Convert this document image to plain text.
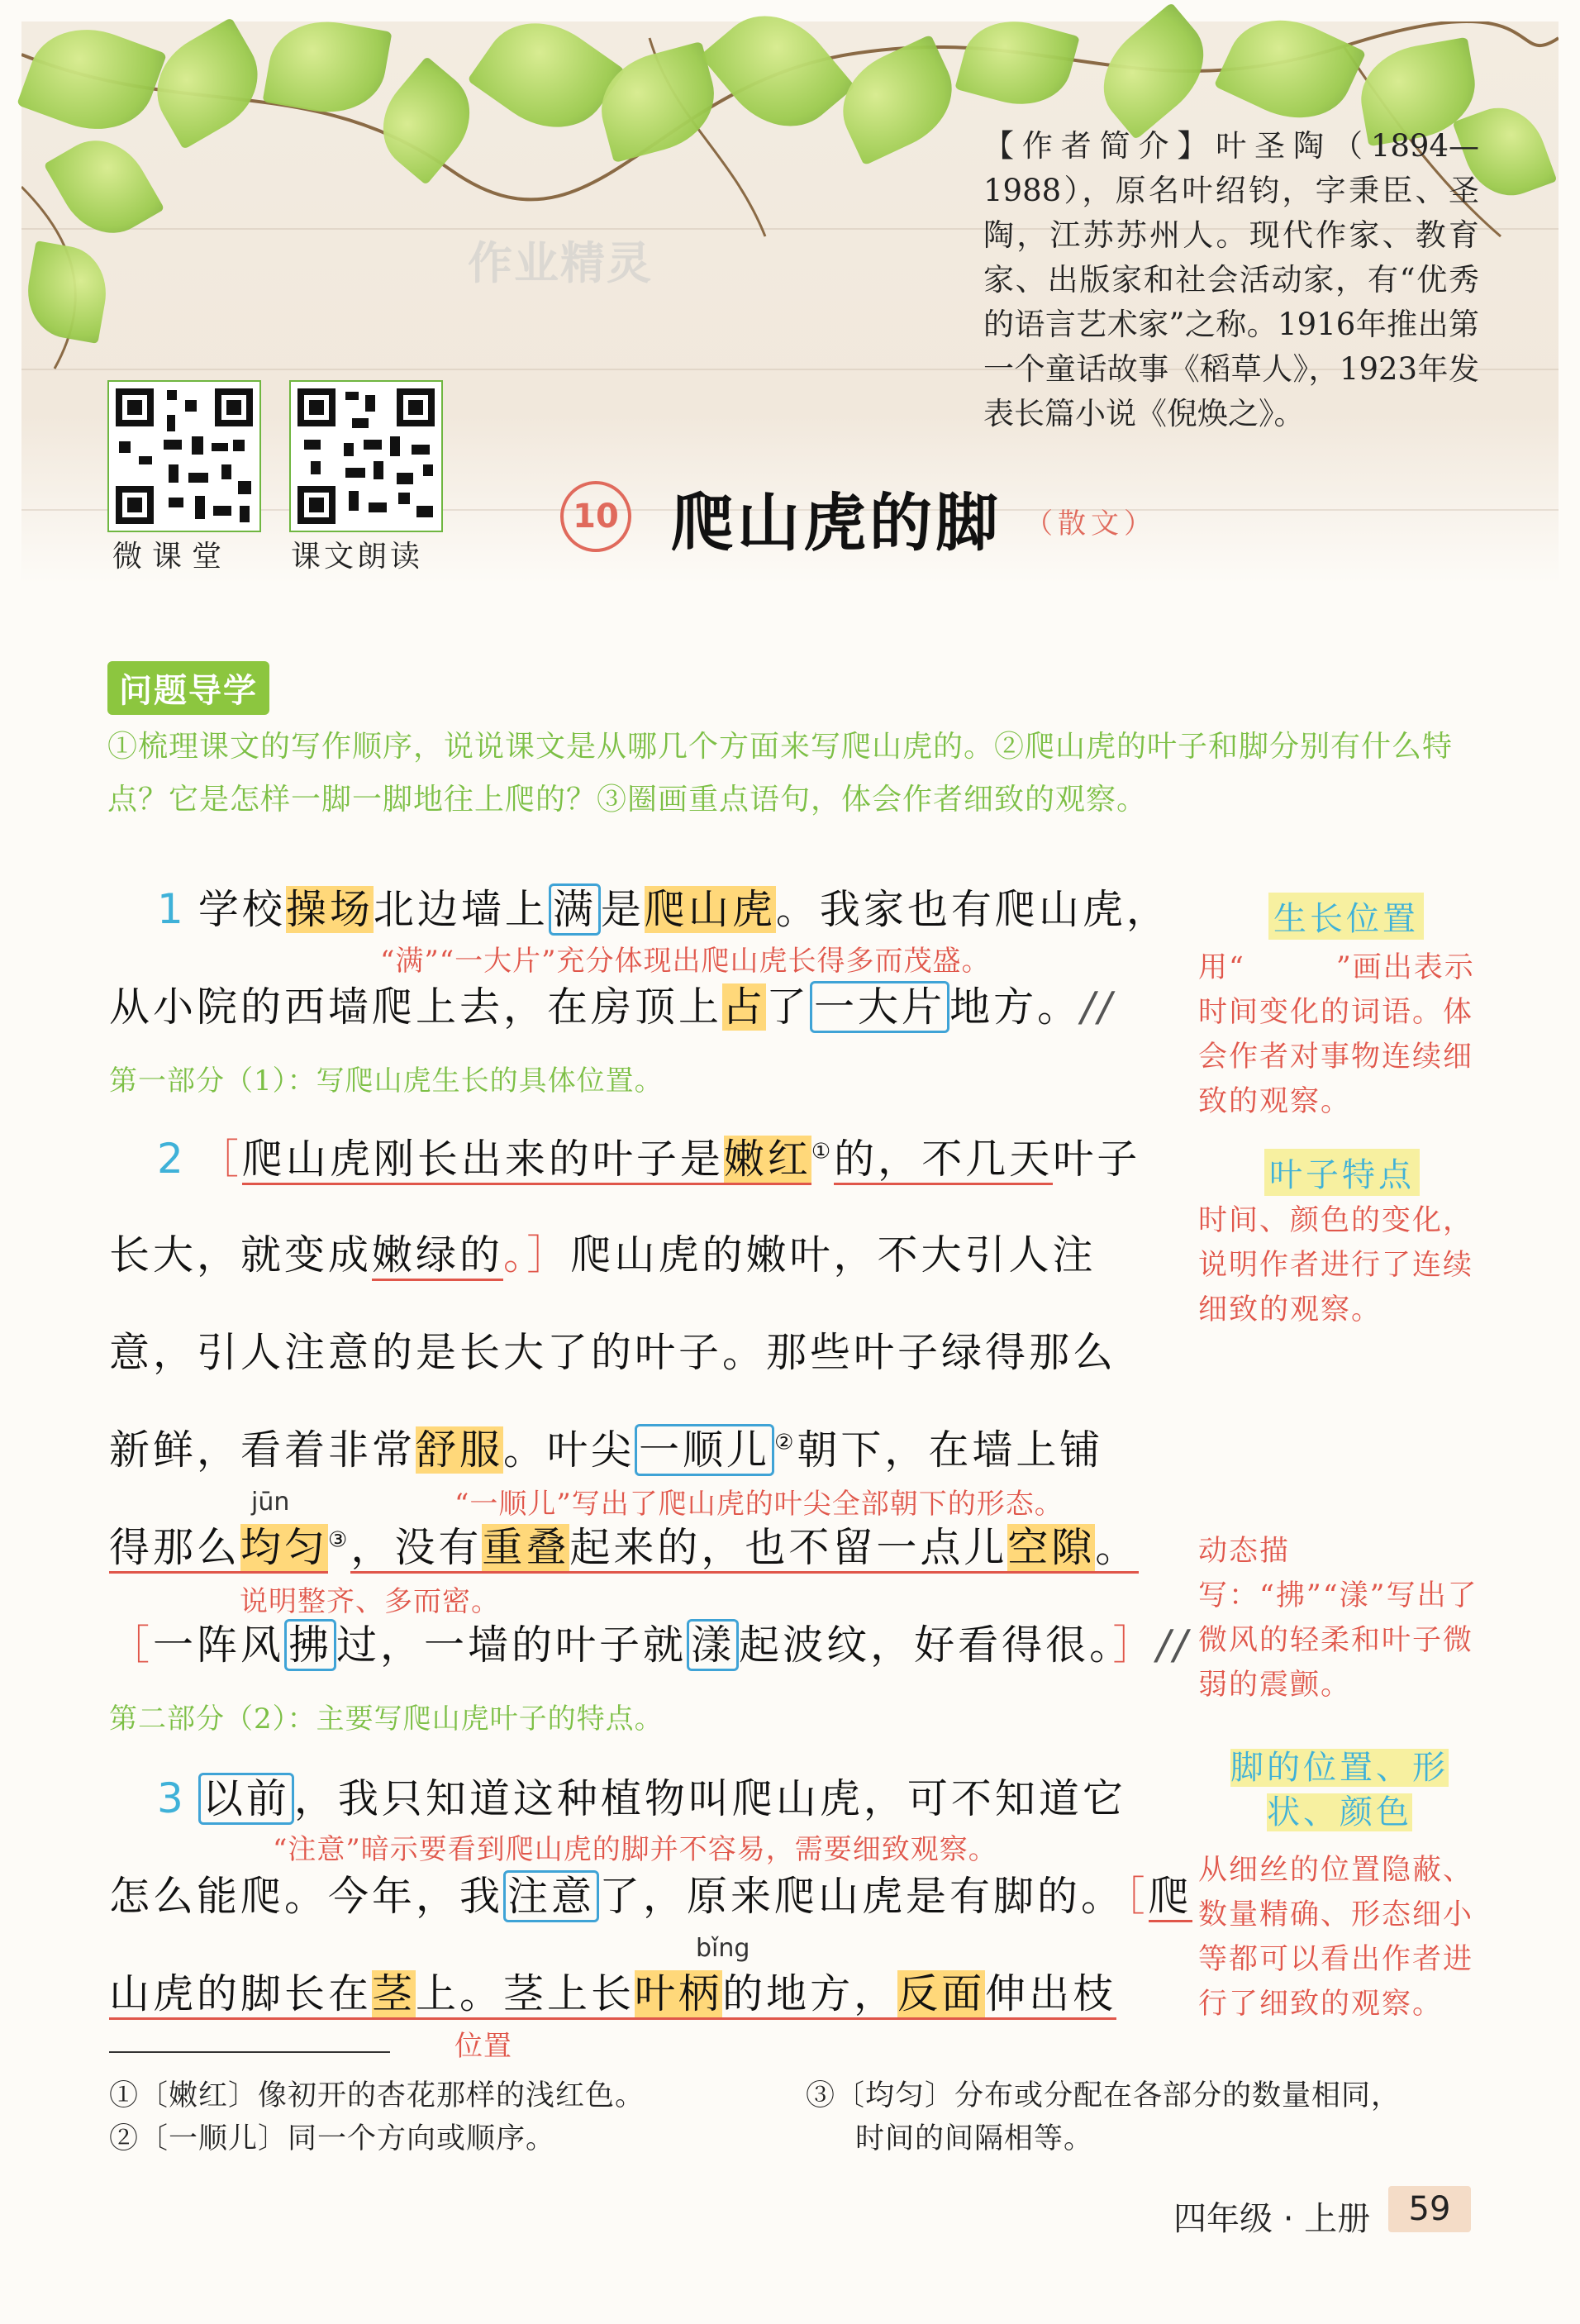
作业精灵
【作者简介】叶圣陶（1894—1988），原名叶绍钧，字秉臣、圣陶，江苏苏州人。现代作家、教育家、出版家和社会活动家，有“优秀的语言艺术家”之称。1916年推出第一个童话故事《稻草人》，1923年发表长篇小说《倪焕之》。
微课堂 课文朗读
10 爬山虎的脚 （散文）
问题导学
①梳理课文的写作顺序，说说课文是从哪几个方面来写爬山虎的。②爬山虎的叶子和脚分别有什么特点？它是怎样一脚一脚地往上爬的？③圈画重点语句，体会作者细致的观察。
1 学校操场北边墙上 满 是爬山虎。我家也有爬山虎，
“满”“一大片”充分体现出爬山虎长得多而茂盛。
从小院的西墙爬上去，在房顶上占了 一大片 地方。//
第一部分（1）：写爬山虎生长的具体位置。
2 ［爬山虎刚长出来的叶子是嫩红①的，不几天叶子
长大，就变成嫩绿的。］爬山虎的嫩叶，不大引人注
意，引人注意的是长大了的叶子。那些叶子绿得那么
新鲜，看着非常舒服。叶尖 一顺儿 ②朝下，在墙上铺
“一顺儿”写出了爬山虎的叶尖全部朝下的形态。
jūn
得那么均匀③，没有重叠起来的，也不留一点儿空隙。
说明整齐、多而密。
［一阵风 拂 过，一墙的叶子就 漾 起波纹，好看得很。］//
第二部分（2）：主要写爬山虎叶子的特点。
3 以前 ，我只知道这种植物叫爬山虎，可不知道它
“注意”暗示要看到爬山虎的脚并不容易，需要细致观察。
怎么能爬。今年，我 注意 了，原来爬山虎是有脚的。［爬
bǐng
山虎的脚长在茎上。茎上长叶柄的地方，反面伸出枝
位置
生长位置
用“	”画出表示时间变化的词语。体会作者对事物连续细致的观察。
叶子特点
时间、颜色的变化，说明作者进行了连续细致的观察。
动态描写：“拂”“漾”写出了微风的轻柔和叶子微弱的震颤。
脚的位置、形状、颜色
从细丝的位置隐蔽、数量精确、形态细小等都可以看出作者进行了细致的观察。
①〔嫩红〕像初开的杏花那样的浅红色。
②〔一顺儿〕同一个方向或顺序。
③〔均匀〕分布或分配在各部分的数量相同，
时间的间隔相等。
四年级 · 上册	59
